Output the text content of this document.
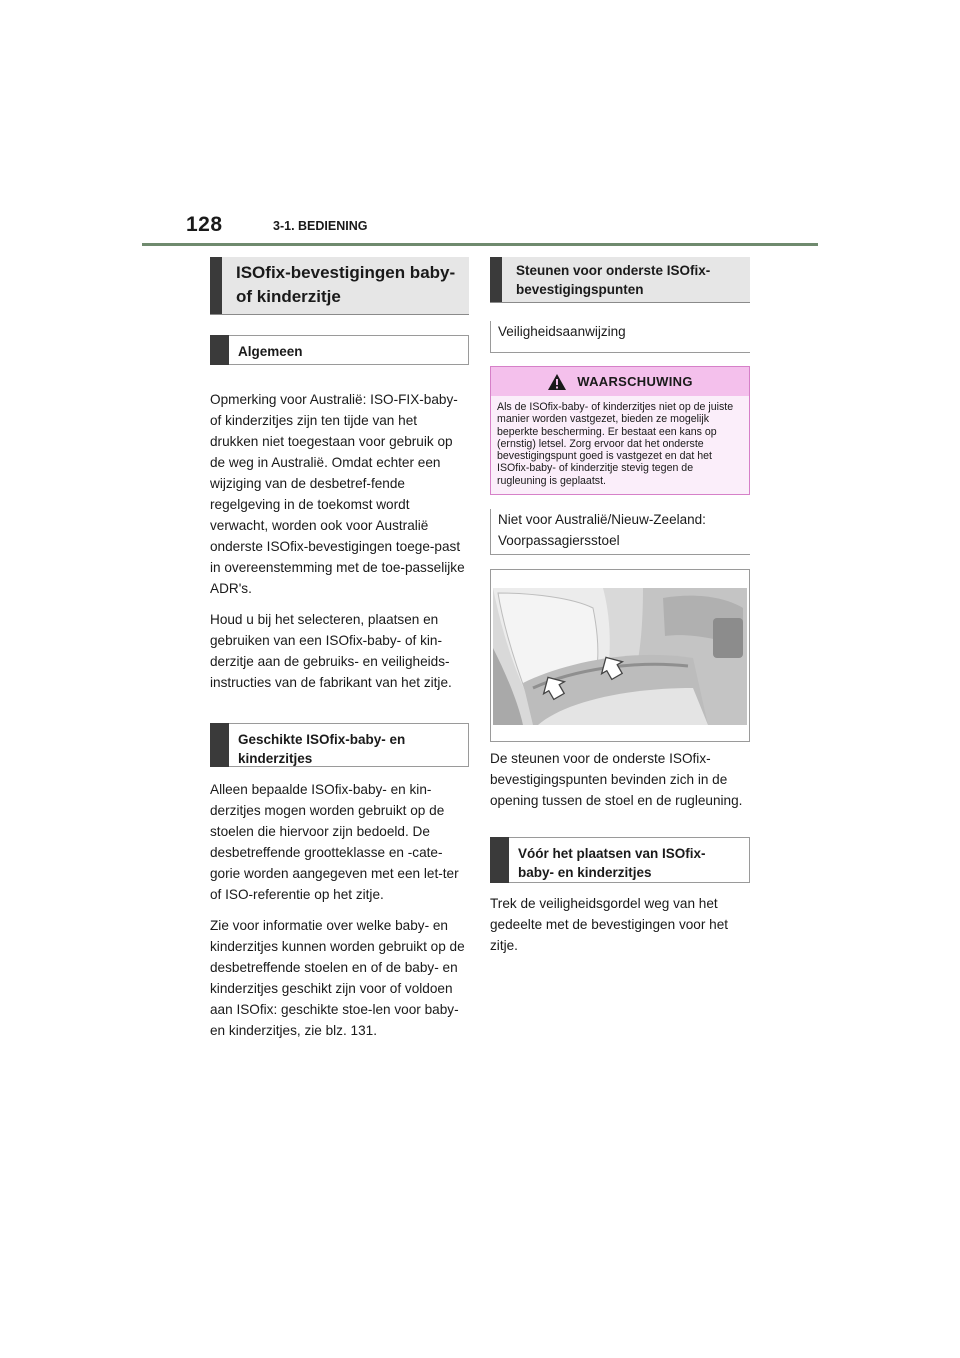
128	3-1. BEDIENING
ISOfix-bevestigingen baby- of kinderzitje
Algemeen

Opmerking voor Australië: ISO-FIX-baby- of kinderzitjes zijn ten tijde van het drukken niet toegestaan voor gebruik op de weg in Australië. Omdat echter een wijziging van de desbetref-fende regelgeving in de toekomst wordt verwacht, worden ook voor Australië onderste ISOfix-bevestigingen toege-past in overeenstemming met de toe-passelijke ADR's.

Houd u bij het selecteren, plaatsen en gebruiken van een ISOfix-baby- of kin-derzitje aan de gebruiks- en veiligheids-instructies van de fabrikant van het zitje.

Geschikte ISOfix-baby- en kinderzitjes

Alleen bepaalde ISOfix-baby- en kin-derzitjes mogen worden gebruikt op de stoelen die hiervoor zijn bedoeld. De desbetreffende grootteklasse en -cate-gorie worden aangegeven met een let-ter of ISO-referentie op het zitje.

Zie voor informatie over welke baby- en kinderzitjes kunnen worden gebruikt op de desbetreffende stoelen en of de baby- en kinderzitjes geschikt zijn voor of voldoen aan ISOfix: geschikte stoe-len voor baby- en kinderzitjes, zie blz. 131.

Steunen voor onderste ISOfix-bevestigingspunten
Veiligheidsaanwijzing
WAARSCHUWING
Als de ISOfix-baby- of kinderzitjes niet op de juiste manier worden vastgezet, bieden ze mogelijk beperkte bescherming. Er bestaat een kans op (ernstig) letsel. Zorg ervoor dat het onderste bevestigingspunt goed is vastgezet en dat het ISOfix-baby- of kinderzitje stevig tegen de rugleuning is geplaatst.
Niet voor Australië/Nieuw-Zeeland: Voorpassagiersstoel

De steunen voor de onderste ISOfix-bevestigingspunten bevinden zich in de opening tussen de stoel en de rugleuning.

Vóór het plaatsen van ISOfix-baby- en kinderzitjes

Trek de veiligheidsgordel weg van het gedeelte met de bevestigingen voor het zitje.
